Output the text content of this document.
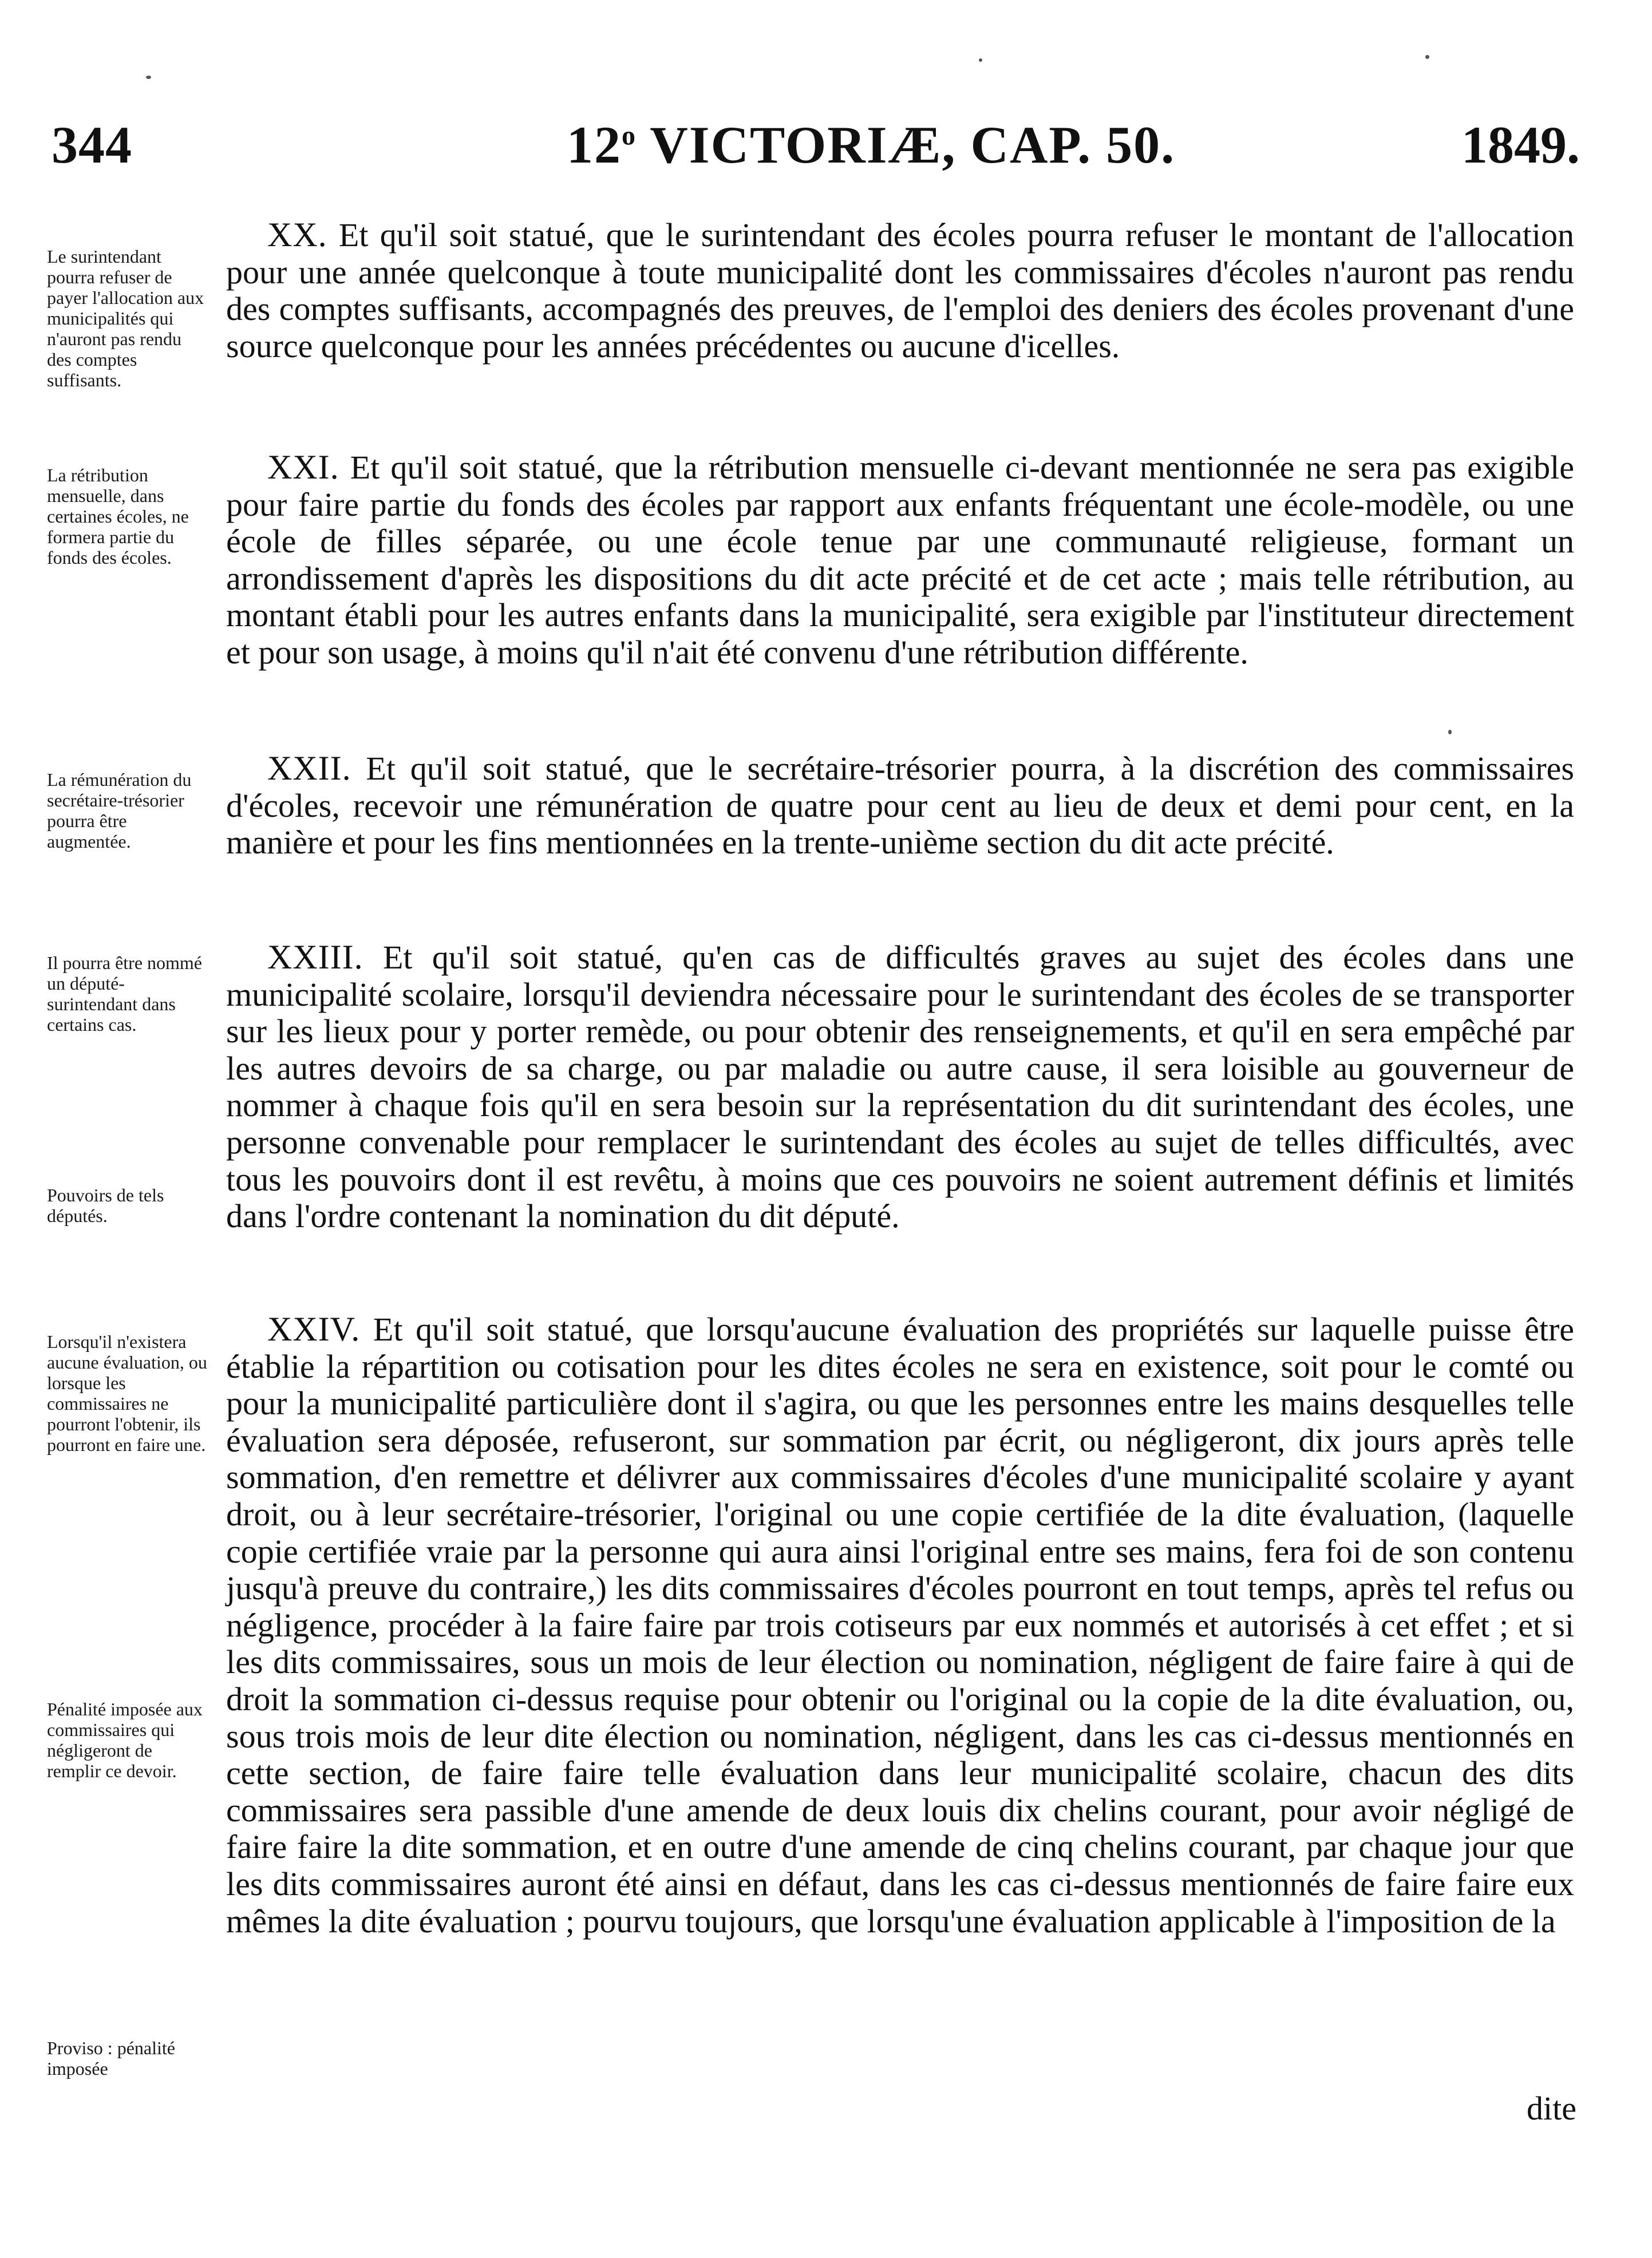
344	12$^o$ VICTORIÆ, CAP. 50.	1849.
Le surintendant pourra refuser de payer l'allocation aux municipalités qui n'auront pas rendu des comptes suffisants.
XX. Et qu'il soit statué, que le surintendant des écoles pourra refuser le montant de l'allocation pour une année quelconque à toute municipalité dont les commissaires d'écoles n'auront pas rendu des comptes suffisants, accompagnés des preuves, de l'emploi des deniers des écoles provenant d'une source quelconque pour les années précédentes ou aucune d'icelles.
La rétribution mensuelle, dans certaines écoles, ne formera partie du fonds des écoles.
XXI. Et qu'il soit statué, que la rétribution mensuelle ci-devant mentionnée ne sera pas exigible pour faire partie du fonds des écoles par rapport aux enfants fréquentant une école-modèle, ou une école de filles séparée, ou une école tenue par une communauté religieuse, formant un arrondissement d'après les dispositions du dit acte précité et de cet acte ; mais telle rétribution, au montant établi pour les autres enfants dans la municipalité, sera exigible par l'instituteur directement et pour son usage, à moins qu'il n'ait été convenu d'une rétribution différente.
La rémunération du secrétaire-trésorier pourra être augmentée.
XXII. Et qu'il soit statué, que le secrétaire-trésorier pourra, à la discrétion des commissaires d'écoles, recevoir une rémunération de quatre pour cent au lieu de deux et demi pour cent, en la manière et pour les fins mentionnées en la trente-unième section du dit acte précité.
Il pourra être nommé un député-surintendant dans certains cas.
Pouvoirs de tels députés.
XXIII. Et qu'il soit statué, qu'en cas de difficultés graves au sujet des écoles dans une municipalité scolaire, lorsqu'il deviendra nécessaire pour le surintendant des écoles de se transporter sur les lieux pour y porter remède, ou pour obtenir des renseignements, et qu'il en sera empêché par les autres devoirs de sa charge, ou par maladie ou autre cause, il sera loisible au gouverneur de nommer à chaque fois qu'il en sera besoin sur la représentation du dit surintendant des écoles, une personne convenable pour remplacer le surintendant des écoles au sujet de telles difficultés, avec tous les pouvoirs dont il est revêtu, à moins que ces pouvoirs ne soient autrement définis et limités dans l'ordre contenant la nomination du dit député.
Lorsqu'il n'existera aucune évaluation, ou lorsque les commissaires ne pourront l'obtenir, ils pourront en faire une.
Pénalité imposée aux commissaires qui négligeront de remplir ce devoir.
Proviso : pénalité imposée
XXIV. Et qu'il soit statué, que lorsqu'aucune évaluation des propriétés sur laquelle puisse être établie la répartition ou cotisation pour les dites écoles ne sera en existence, soit pour le comté ou pour la municipalité particulière dont il s'agira, ou que les personnes entre les mains desquelles telle évaluation sera déposée, refuseront, sur sommation par écrit, ou négligeront, dix jours après telle sommation, d'en remettre et délivrer aux commissaires d'écoles d'une municipalité scolaire y ayant droit, ou à leur secrétaire-trésorier, l'original ou une copie certifiée de la dite évaluation, (laquelle copie certifiée vraie par la personne qui aura ainsi l'original entre ses mains, fera foi de son contenu jusqu'à preuve du contraire,) les dits commissaires d'écoles pourront en tout temps, après tel refus ou négligence, procéder à la faire faire par trois cotiseurs par eux nommés et autorisés à cet effet ; et si les dits commissaires, sous un mois de leur élection ou nomination, négligent de faire faire à qui de droit la sommation ci-dessus requise pour obtenir ou l'original ou la copie de la dite évaluation, ou, sous trois mois de leur dite élection ou nomination, négligent, dans les cas ci-dessus mentionnés en cette section, de faire faire telle évaluation dans leur municipalité scolaire, chacun des dits commissaires sera passible d'une amende de deux louis dix chelins courant, pour avoir négligé de faire faire la dite sommation, et en outre d'une amende de cinq chelins courant, par chaque jour que les dits commissaires auront été ainsi en défaut, dans les cas ci-dessus mentionnés de faire faire eux mêmes la dite évaluation ; pourvu toujours, que lorsqu'une évaluation applicable à l'imposition de la
dite
